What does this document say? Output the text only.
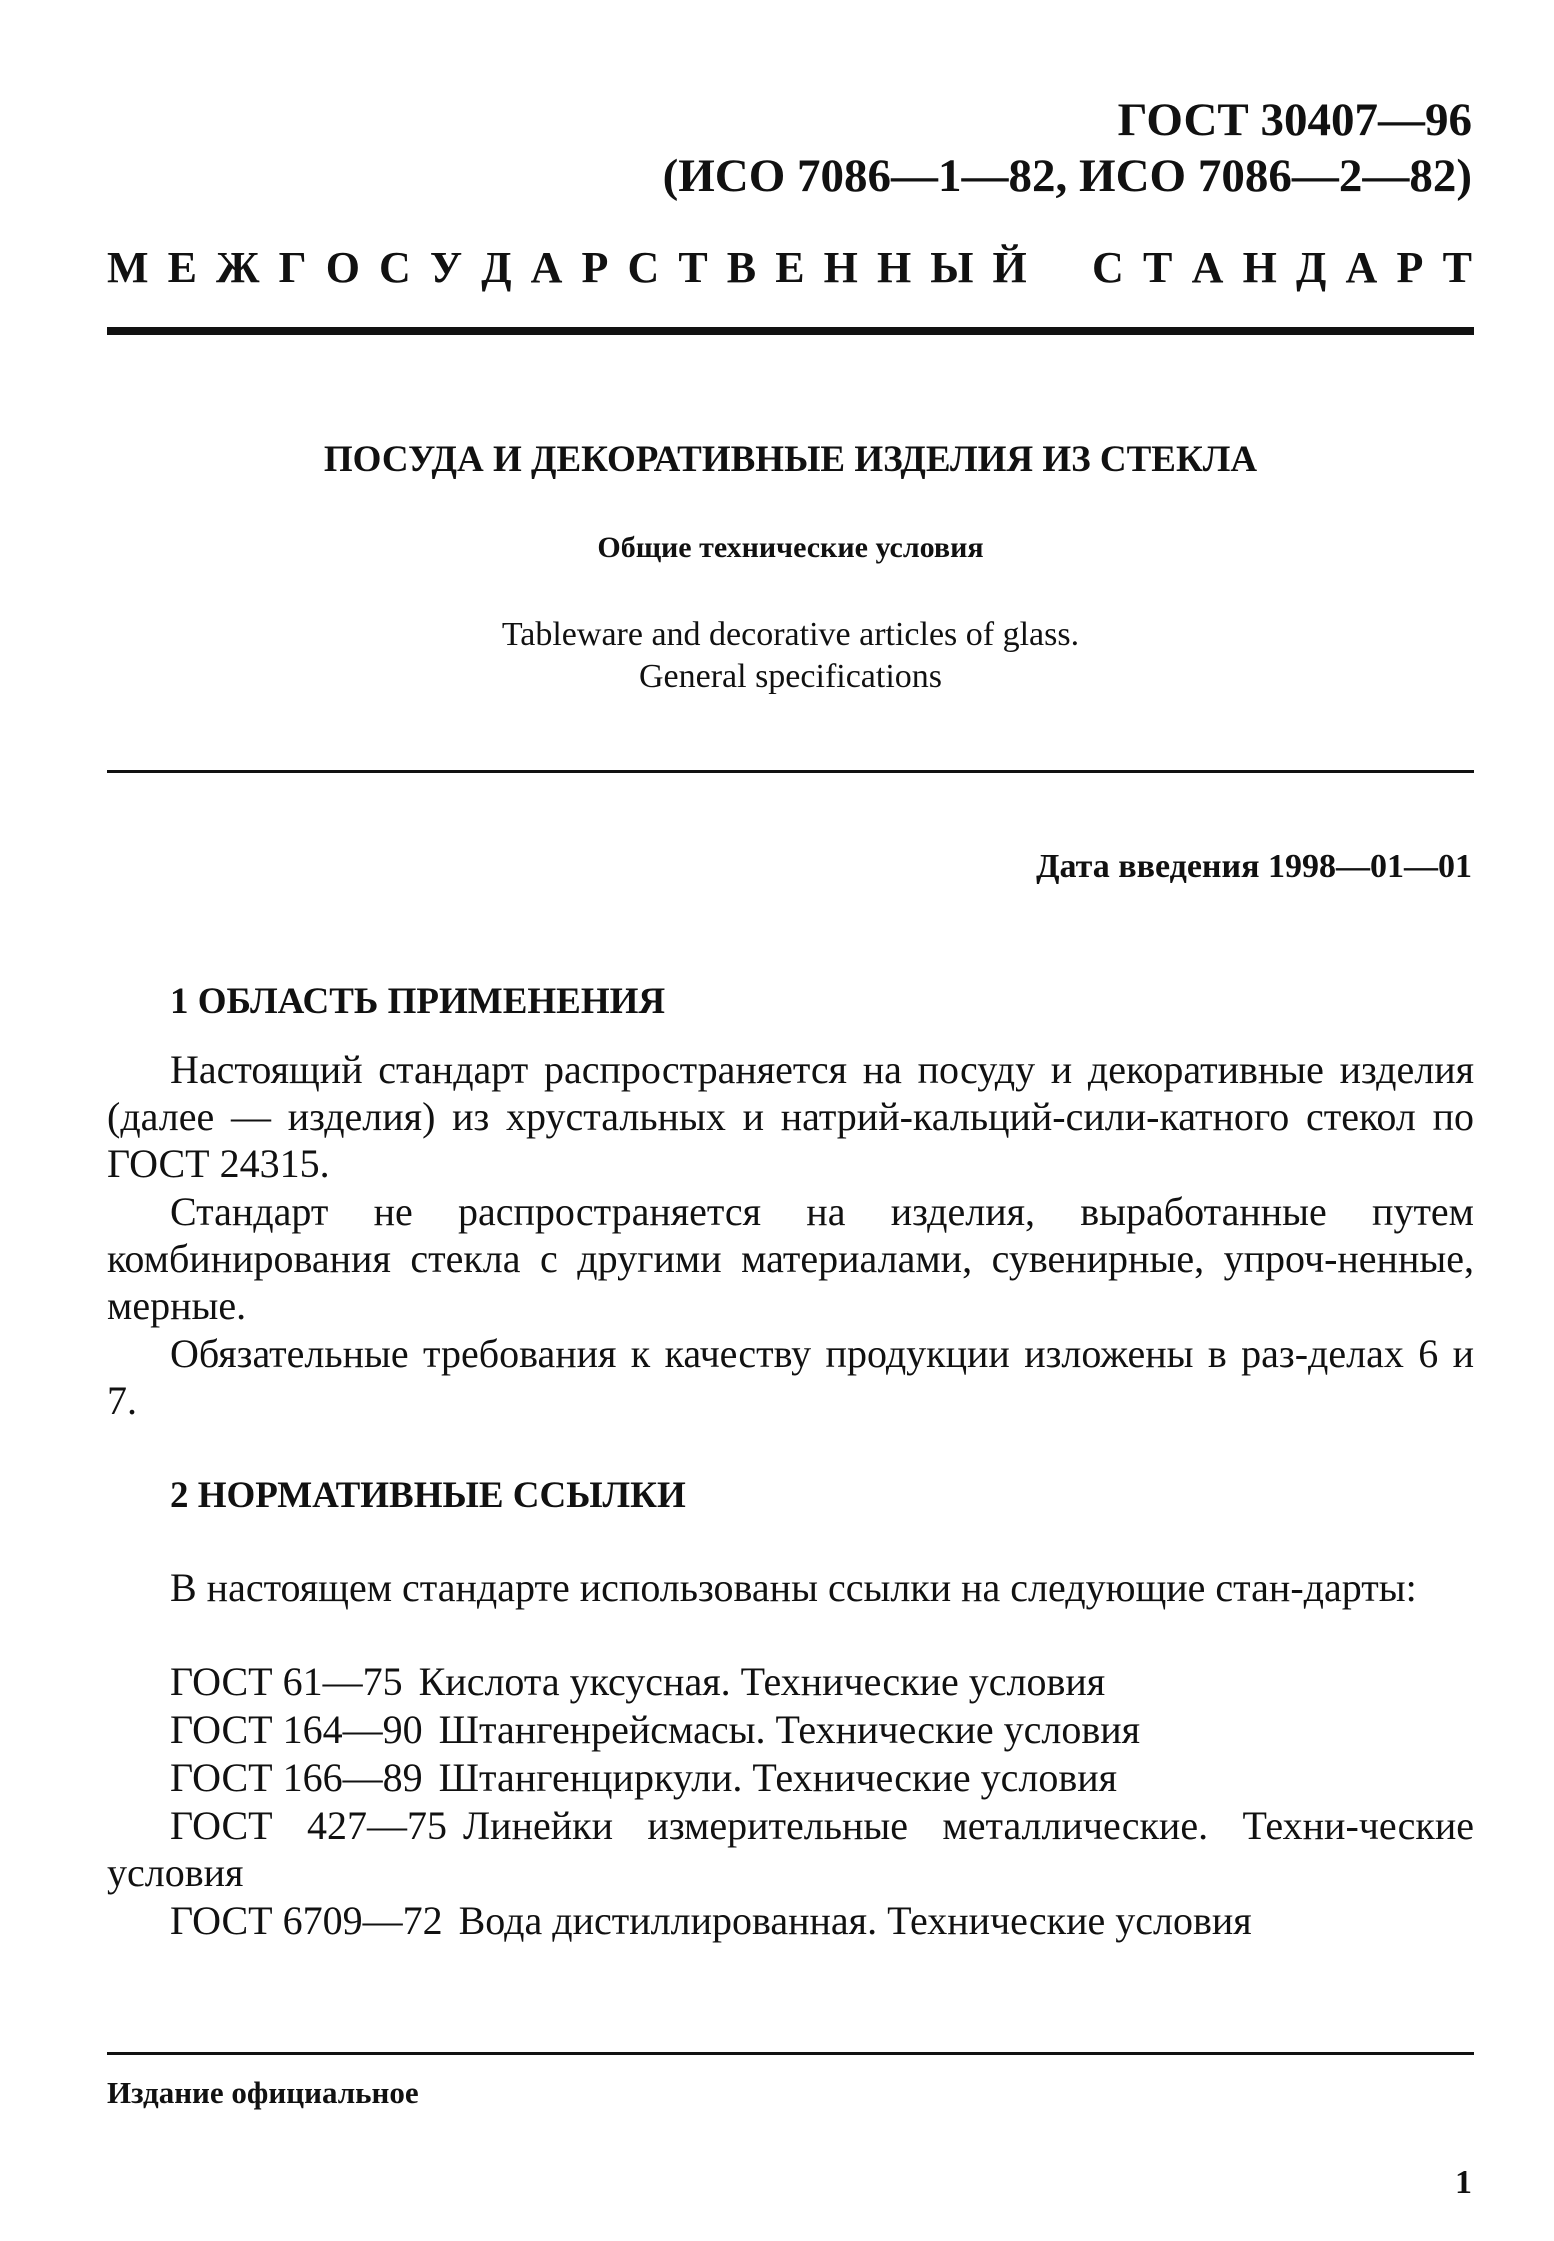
ГОСТ 30407—96
(ИСО 7086—1—82, ИСО 7086—2—82)
М Е Ж Г О С У Д А Р С Т В Е Н Н Ы Й С Т А Н Д А Р Т
ПОСУДА И ДЕКОРАТИВНЫЕ ИЗДЕЛИЯ ИЗ СТЕКЛА
Общие технические условия
Tableware and decorative articles of glass.
General specifications
Дата введения 1998—01—01
1 ОБЛАСТЬ ПРИМЕНЕНИЯ

Настоящий стандарт распространяется на посуду и декоративные изделия (далее — изделия) из хрустальных и натрий-кальций-сили-катного стекол по ГОСТ 24315.

Стандарт не распространяется на изделия, выработанные путем комбинирования стекла с другими материалами, сувенирные, упроч-ненные, мерные.

Обязательные требования к качеству продукции изложены в раз-делах 6 и 7.

2 НОРМАТИВНЫЕ ССЫЛКИ

В настоящем стандарте использованы ссылки на следующие стан-дарты:

ГОСТ 61—75 Кислота уксусная. Технические условия

ГОСТ 164—90 Штангенрейсмасы. Технические условия

ГОСТ 166—89 Штангенциркули. Технические условия

ГОСТ 427—75 Линейки измерительные металлические. Техни-ческие условия

ГОСТ 6709—72 Вода дистиллированная. Технические условия

Издание официальное
1
